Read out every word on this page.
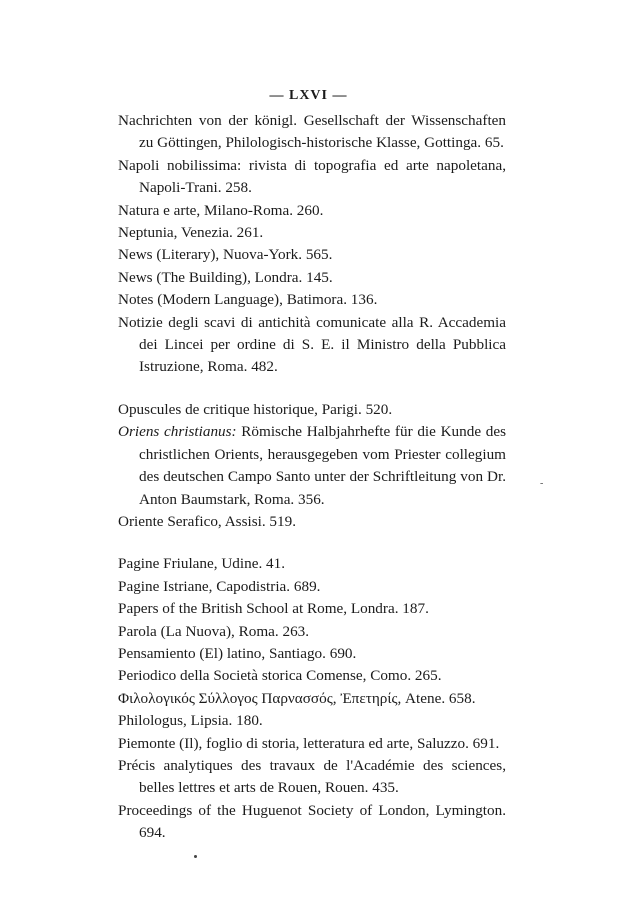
— LXVI —
Nachrichten von der königl. Gesellschaft der Wissenschaften zu Göttingen, Philologisch-historische Klasse, Gottinga. 65.
Napoli nobilissima: rivista di topografia ed arte napoletana, Napoli-Trani. 258.
Natura e arte, Milano-Roma. 260.
Neptunia, Venezia. 261.
News (Literary), Nuova-York. 565.
News (The Building), Londra. 145.
Notes (Modern Language), Batimora. 136.
Notizie degli scavi di antichità comunicate alla R. Accademia dei Lincei per ordine di S. E. il Ministro della Pubblica Istruzione, Roma. 482.
Opuscules de critique historique, Parigi. 520.
Oriens christianus: Römische Halbjahrhefte für die Kunde des christlichen Orients, herausgegeben vom Priester collegium des deutschen Campo Santo unter der Schriftleitung von Dr. Anton Baumstark, Roma. 356.
Oriente Serafico, Assisi. 519.
Pagine Friulane, Udine. 41.
Pagine Istriane, Capodistria. 689.
Papers of the British School at Rome, Londra. 187.
Parola (La Nuova), Roma. 263.
Pensamiento (El) latino, Santiago. 690.
Periodico della Società storica Comense, Como. 265.
Φιλολογικός Σύλλογος Παρνασσός, Ἐπετηρίς, Atene. 658.
Philologus, Lipsia. 180.
Piemonte (Il), foglio di storia, letteratura ed arte, Saluzzo. 691.
Précis analytiques des travaux de l'Académie des sciences, belles lettres et arts de Rouen, Rouen. 435.
Proceedings of the Huguenot Society of London, Lymington. 694.
-
